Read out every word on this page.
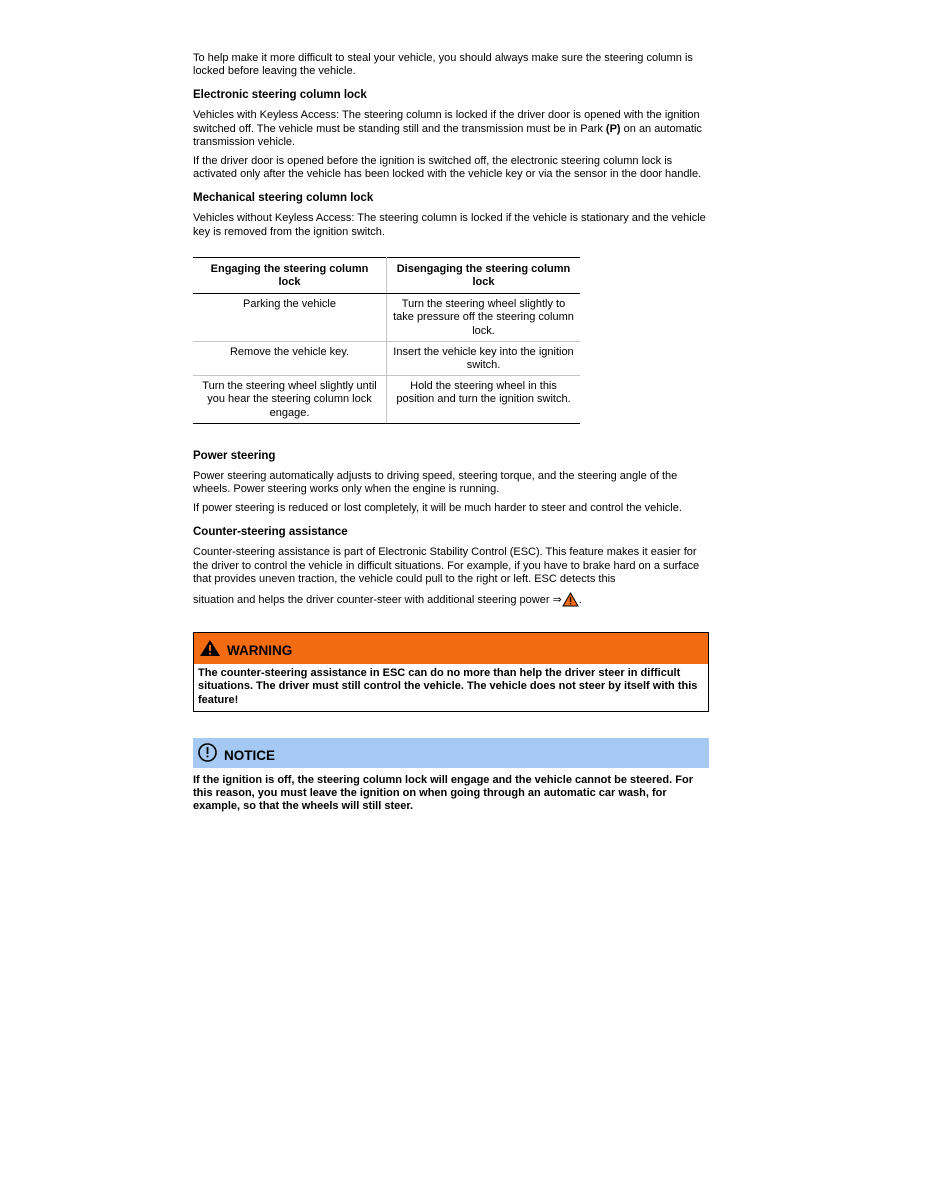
To help make it more difficult to steal your vehicle, you should always make sure the steering column is locked before leaving the vehicle.

Electronic steering column lock

Vehicles with Keyless Access: The steering column is locked if the driver door is opened with the ignition switched off. The vehicle must be standing still and the transmission must be in Park (P) on an automatic transmission vehicle.

If the driver door is opened before the ignition is switched off, the electronic steering column lock is activated only after the vehicle has been locked with the vehicle key or via the sensor in the door handle.

Mechanical steering column lock

Vehicles without Keyless Access: The steering column is locked if the vehicle is stationary and the vehicle key is removed from the ignition switch.

Engaging the steering column lock	Disengaging the steering column lock
Parking the vehicle	Turn the steering wheel slightly to take pressure off the steering column lock.
Remove the vehicle key.	Insert the vehicle key into the ignition switch.
Turn the steering wheel slightly until you hear the steering column lock engage.	Hold the steering wheel in this position and turn the ignition switch.
Power steering

Power steering automatically adjusts to driving speed, steering torque, and the steering angle of the wheels. Power steering works only when the engine is running.

If power steering is reduced or lost completely, it will be much harder to steer and control the vehicle.

Counter-steering assistance

Counter-steering assistance is part of Electronic Stability Control (ESC). This feature makes it easier for the driver to control the vehicle in difficult situations. For example, if you have to brake hard on a surface that provides uneven traction, the vehicle could pull to the right or left. ESC detects this

situation and helps the driver counter-steer with additional steering power ⇒ .

WARNING
The counter-steering assistance in ESC can do no more than help the driver steer in difficult situations. The driver must still control the vehicle. The vehicle does not steer by itself with this feature!
NOTICE
If the ignition is off, the steering column lock will engage and the vehicle cannot be steered. For this reason, you must leave the ignition on when going through an automatic car wash, for example, so that the wheels will still steer.
